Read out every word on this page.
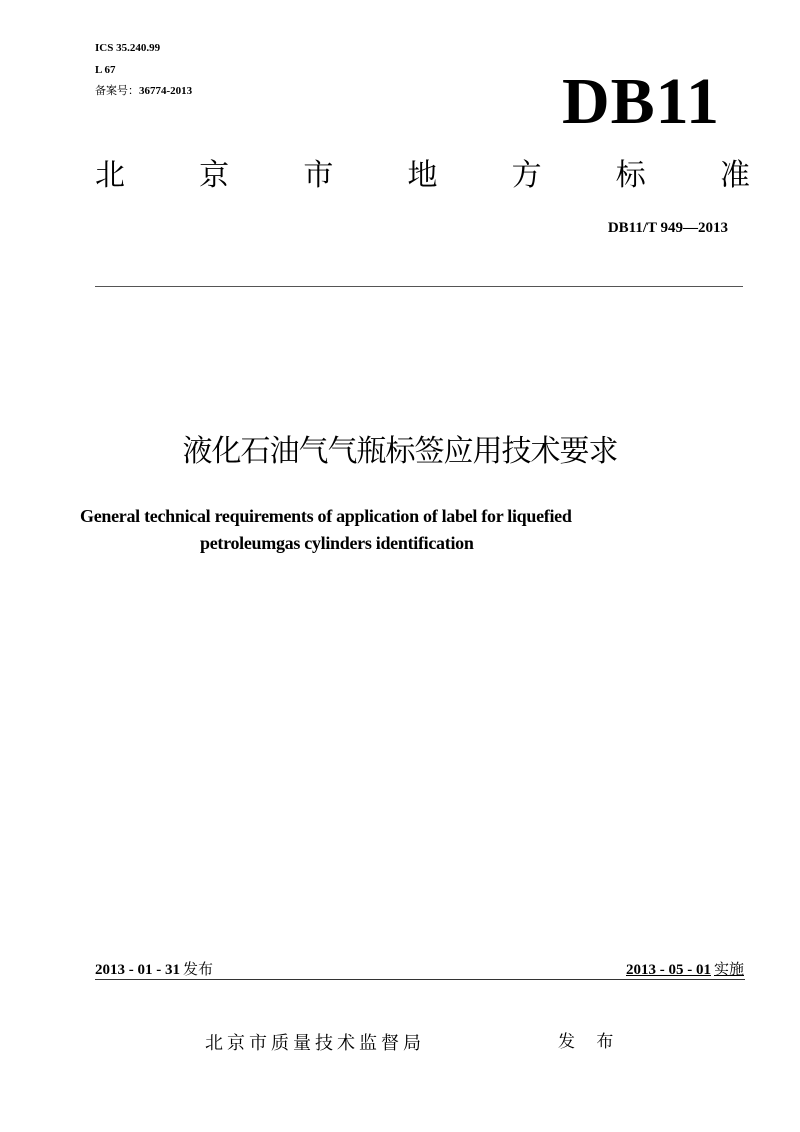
ICS 35.240.99
L 67
备案号：36774-2013	DB11
北 京 市 地 方 标 准
DB11/T 949—2013
液化石油气气瓶标签应用技术要求
General technical requirements of application of label for liquefied
petroleumgas cylinders identification
2013 - 01 - 31 发布	2013 - 05 - 01 实施
北京市质量技术监督局	发 布
